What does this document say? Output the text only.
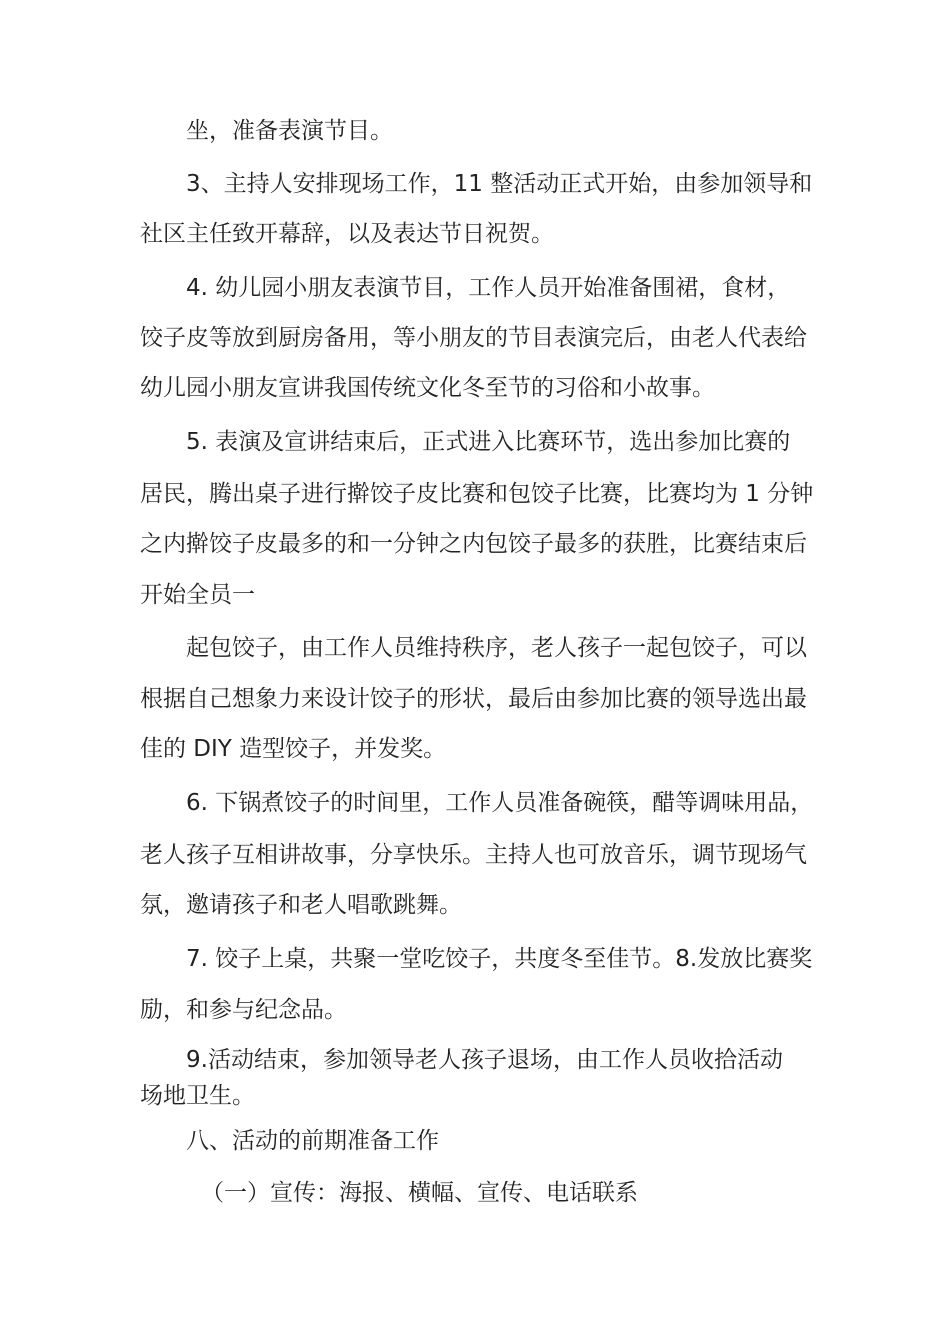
坐，准备表演节目。
3、主持人安排现场工作，11 整活动正式开始，由参加领导和
社区主任致开幕辞，以及表达节日祝贺。
4. 幼儿园小朋友表演节目，工作人员开始准备围裙，食材，
饺子皮等放到厨房备用，等小朋友的节目表演完后，由老人代表给
幼儿园小朋友宣讲我国传统文化冬至节的习俗和小故事。
5. 表演及宣讲结束后，正式进入比赛环节，选出参加比赛的
居民，腾出桌子进行擀饺子皮比赛和包饺子比赛，比赛均为 1 分钟
之内擀饺子皮最多的和一分钟之内包饺子最多的获胜，比赛结束后
开始全员一
起包饺子，由工作人员维持秩序，老人孩子一起包饺子，可以
根据自己想象力来设计饺子的形状，最后由参加比赛的领导选出最
佳的 DIY 造型饺子，并发奖。
6. 下锅煮饺子的时间里，工作人员准备碗筷，醋等调味用品，
老人孩子互相讲故事，分享快乐。主持人也可放音乐，调节现场气
氛，邀请孩子和老人唱歌跳舞。
7. 饺子上桌，共聚一堂吃饺子，共度冬至佳节。8.发放比赛奖
励，和参与纪念品。
9.活动结束，参加领导老人孩子退场，由工作人员收拾活动
场地卫生。
八、活动的前期准备工作
（一）宣传：海报、横幅、宣传、电话联系
